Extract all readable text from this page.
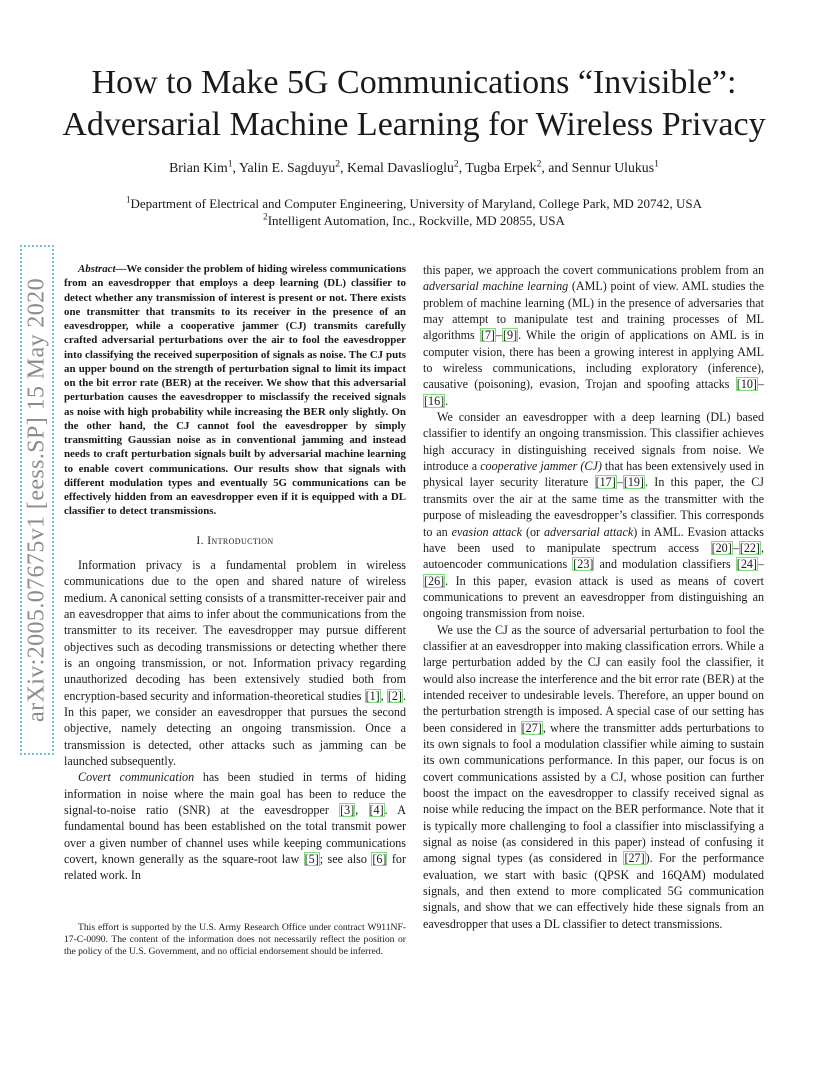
How to Make 5G Communications “Invisible”:
Adversarial Machine Learning for Wireless Privacy
Brian Kim$^1$, Yalin E. Sagduyu$^2$, Kemal Davaslioglu$^2$, Tugba Erpek$^2$, and Sennur Ulukus$^1$
$^1$Department of Electrical and Computer Engineering, University of Maryland, College Park, MD 20742, USA
$^2$Intelligent Automation, Inc., Rockville, MD 20855, USA
arXiv:2005.07675v1 [eess.SP] 15 May 2020

Abstract—We consider the problem of hiding wireless communications from an eavesdropper that employs a deep learning (DL) classifier to detect whether any transmission of interest is present or not. There exists one transmitter that transmits to its receiver in the presence of an eavesdropper, while a cooperative jammer (CJ) transmits carefully crafted adversarial perturbations over the air to fool the eavesdropper into classifying the received superposition of signals as noise. The CJ puts an upper bound on the strength of perturbation signal to limit its impact on the bit error rate (BER) at the receiver. We show that this adversarial perturbation causes the eavesdropper to misclassify the received signals as noise with high probability while increasing the BER only slightly. On the other hand, the CJ cannot fool the eavesdropper by simply transmitting Gaussian noise as in conventional jamming and instead needs to craft perturbation signals built by adversarial machine learning to enable covert communications. Our results show that signals with different modulation types and eventually 5G communications can be effectively hidden from an eavesdropper even if it is equipped with a DL classifier to detect transmissions.

I. Introduction

Information privacy is a fundamental problem in wireless communications due to the open and shared nature of wireless medium. A canonical setting consists of a transmitter-receiver pair and an eavesdropper that aims to infer about the communications from the transmitter to its receiver. The eavesdropper may pursue different objectives such as decoding transmissions or detecting whether there is an ongoing transmission, or not. Information privacy regarding unauthorized decoding has been extensively studied both from encryption-based security and information-theoretical studies [1], [2]. In this paper, we consider an eavesdropper that pursues the second objective, namely detecting an ongoing transmission. Once a transmission is detected, other attacks such as jamming can be launched subsequently.

Covert communication has been studied in terms of hiding information in noise where the main goal has been to reduce the signal-to-noise ratio (SNR) at the eavesdropper [3], [4]. A fundamental bound has been established on the total transmit power over a given number of channel uses while keeping communications covert, known generally as the square-root law [5]; see also [6] for related work. In

This effort is supported by the U.S. Army Research Office under contract W911NF-17-C-0090. The content of the information does not necessarily reflect the position or the policy of the U.S. Government, and no official endorsement should be inferred.

this paper, we approach the covert communications problem from an adversarial machine learning (AML) point of view. AML studies the problem of machine learning (ML) in the presence of adversaries that may attempt to manipulate test and training processes of ML algorithms [7]–[9]. While the origin of applications on AML is in computer vision, there has been a growing interest in applying AML to wireless communications, including exploratory (inference), causative (poisoning), evasion, Trojan and spoofing attacks [10]–[16].

We consider an eavesdropper with a deep learning (DL) based classifier to identify an ongoing transmission. This classifier achieves high accuracy in distinguishing received signals from noise. We introduce a cooperative jammer (CJ) that has been extensively used in physical layer security literature [17]–[19]. In this paper, the CJ transmits over the air at the same time as the transmitter with the purpose of misleading the eavesdropper’s classifier. This corresponds to an evasion attack (or adversarial attack) in AML. Evasion attacks have been used to manipulate spectrum access [20]–[22], autoencoder communications [23] and modulation classifiers [24]–[26]. In this paper, evasion attack is used as means of covert communications to prevent an eavesdropper from distinguishing an ongoing transmission from noise.

We use the CJ as the source of adversarial perturbation to fool the classifier at an eavesdropper into making classification errors. While a large perturbation added by the CJ can easily fool the classifier, it would also increase the interference and the bit error rate (BER) at the intended receiver to undesirable levels. Therefore, an upper bound on the perturbation strength is imposed. A special case of our setting has been considered in [27], where the transmitter adds perturbations to its own signals to fool a modulation classifier while aiming to sustain its own communications performance. In this paper, our focus is on covert communications assisted by a CJ, whose position can further boost the impact on the eavesdropper to classify received signal as noise while reducing the impact on the BER performance. Note that it is typically more challenging to fool a classifier into misclassifying a signal as noise (as considered in this paper) instead of confusing it among signal types (as considered in [27]). For the performance evaluation, we start with basic (QPSK and 16QAM) modulated signals, and then extend to more complicated 5G communication signals, and show that we can effectively hide these signals from an eavesdropper that uses a DL classifier to detect transmissions.
